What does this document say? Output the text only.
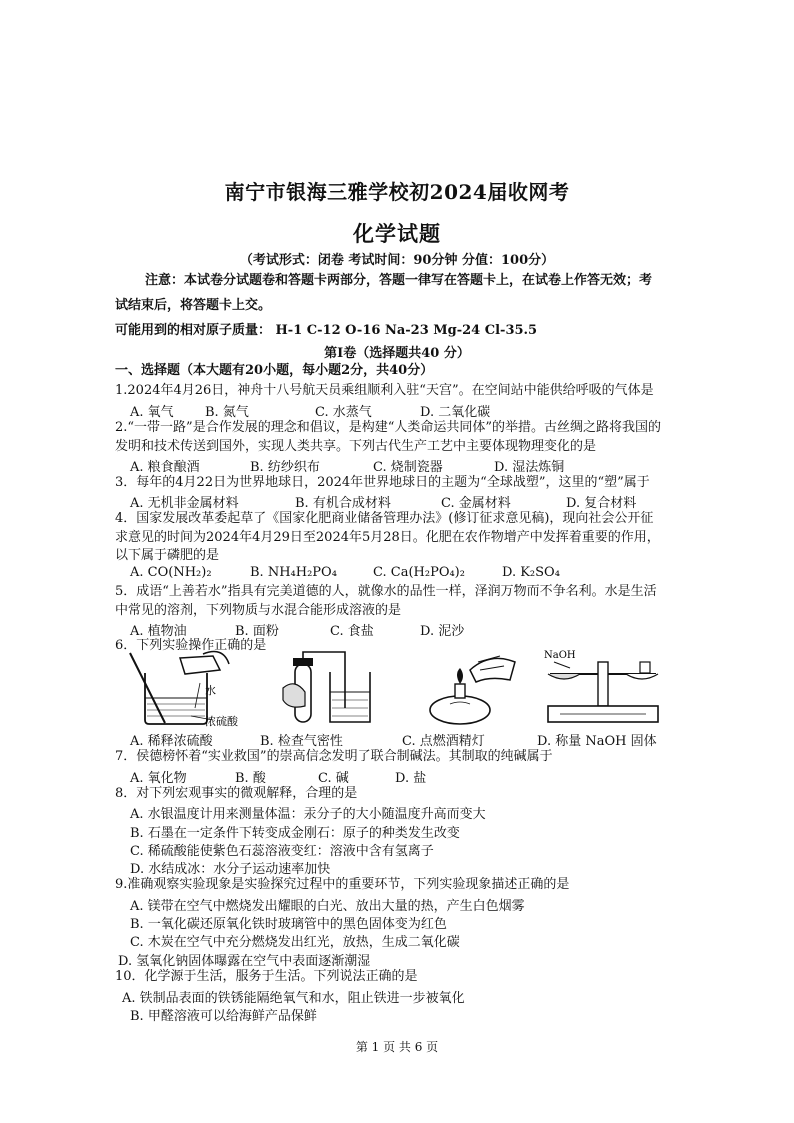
南宁市银海三雅学校初2024届收网考
化学试题
（考试形式：闭卷 考试时间：90分钟 分值：100分）
注意：本试卷分试题卷和答题卡两部分，答题一律写在答题卡上，在试卷上作答无效；考
试结束后，将答题卡上交。
可能用到的相对原子质量： H-1 C-12 O-16 Na-23 Mg-24 Cl-35.5
第Ⅰ卷（选择题共40 分）
一、选择题（本大题有20小题，每小题2分，共40分）
1.2024年4月26日，神舟十八号航天员乘组顺利入驻“天宫”。在空间站中能供给呼吸的气体是
A. 氧气 B. 氮气	C. 水蒸气	D. 二氧化碳
2.“一带一路”是合作发展的理念和倡议，是构建“人类命运共同体”的举措。古丝绸之路将我国的
发明和技术传送到国外，实现人类共享。下列古代生产工艺中主要体现物理变化的是
A. 粮食酿酒	B. 纺纱织布	C. 烧制瓷器	D. 湿法炼铜
3．每年的4月22日为世界地球日，2024年世界地球日的主题为“全球战塑”，这里的“塑”属于
A. 无机非金属材料	B. 有机合成材料	C. 金属材料	D. 复合材料
4．国家发展改革委起草了《国家化肥商业储备管理办法》(修订征求意见稿)，现向社会公开征
求意见的时间为2024年4月29日至2024年5月28日。化肥在农作物增产中发挥着重要的作用，
以下属于磷肥的是
A. CO(NH₂)₂	B. NH₄H₂PO₄	C. Ca(H₂PO₄)₂	D. K₂SO₄
5．成语“上善若水”指具有完美道德的人，就像水的品性一样，泽润万物而不争名利。水是生活
中常见的溶剂，下列物质与水混合能形成溶液的是
A. 植物油	B. 面粉	C. 食盐	D. 泥沙
6．下列实验操作正确的是
水
浓硫酸
NaOH
A. 稀释浓硫酸	B. 检查气密性	C. 点燃酒精灯	D. 称量 NaOH 固体
7．侯德榜怀着“实业救国”的崇高信念发明了联合制碱法。其制取的纯碱属于
A. 氧化物	B. 酸	C. 碱	D. 盐
8．对下列宏观事实的微观解释，合理的是
A. 水银温度计用来测量体温：汞分子的大小随温度升高而变大
B. 石墨在一定条件下转变成金刚石：原子的种类发生改变
C. 稀硫酸能使紫色石蕊溶液变红：溶液中含有氢离子
D. 水结成冰：水分子运动速率加快
9.准确观察实验现象是实验探究过程中的重要环节，下列实验现象描述正确的是
A. 镁带在空气中燃烧发出耀眼的白光、放出大量的热，产生白色烟雾
B. 一氧化碳还原氧化铁时玻璃管中的黑色固体变为红色
C. 木炭在空气中充分燃烧发出红光，放热，生成二氧化碳
D. 氢氧化钠固体曝露在空气中表面逐渐潮湿
10．化学源于生活，服务于生活。下列说法正确的是
A. 铁制品表面的铁锈能隔绝氧气和水，阻止铁进一步被氧化
B. 甲醛溶液可以给海鲜产品保鲜
第 1 页 共 6 页
